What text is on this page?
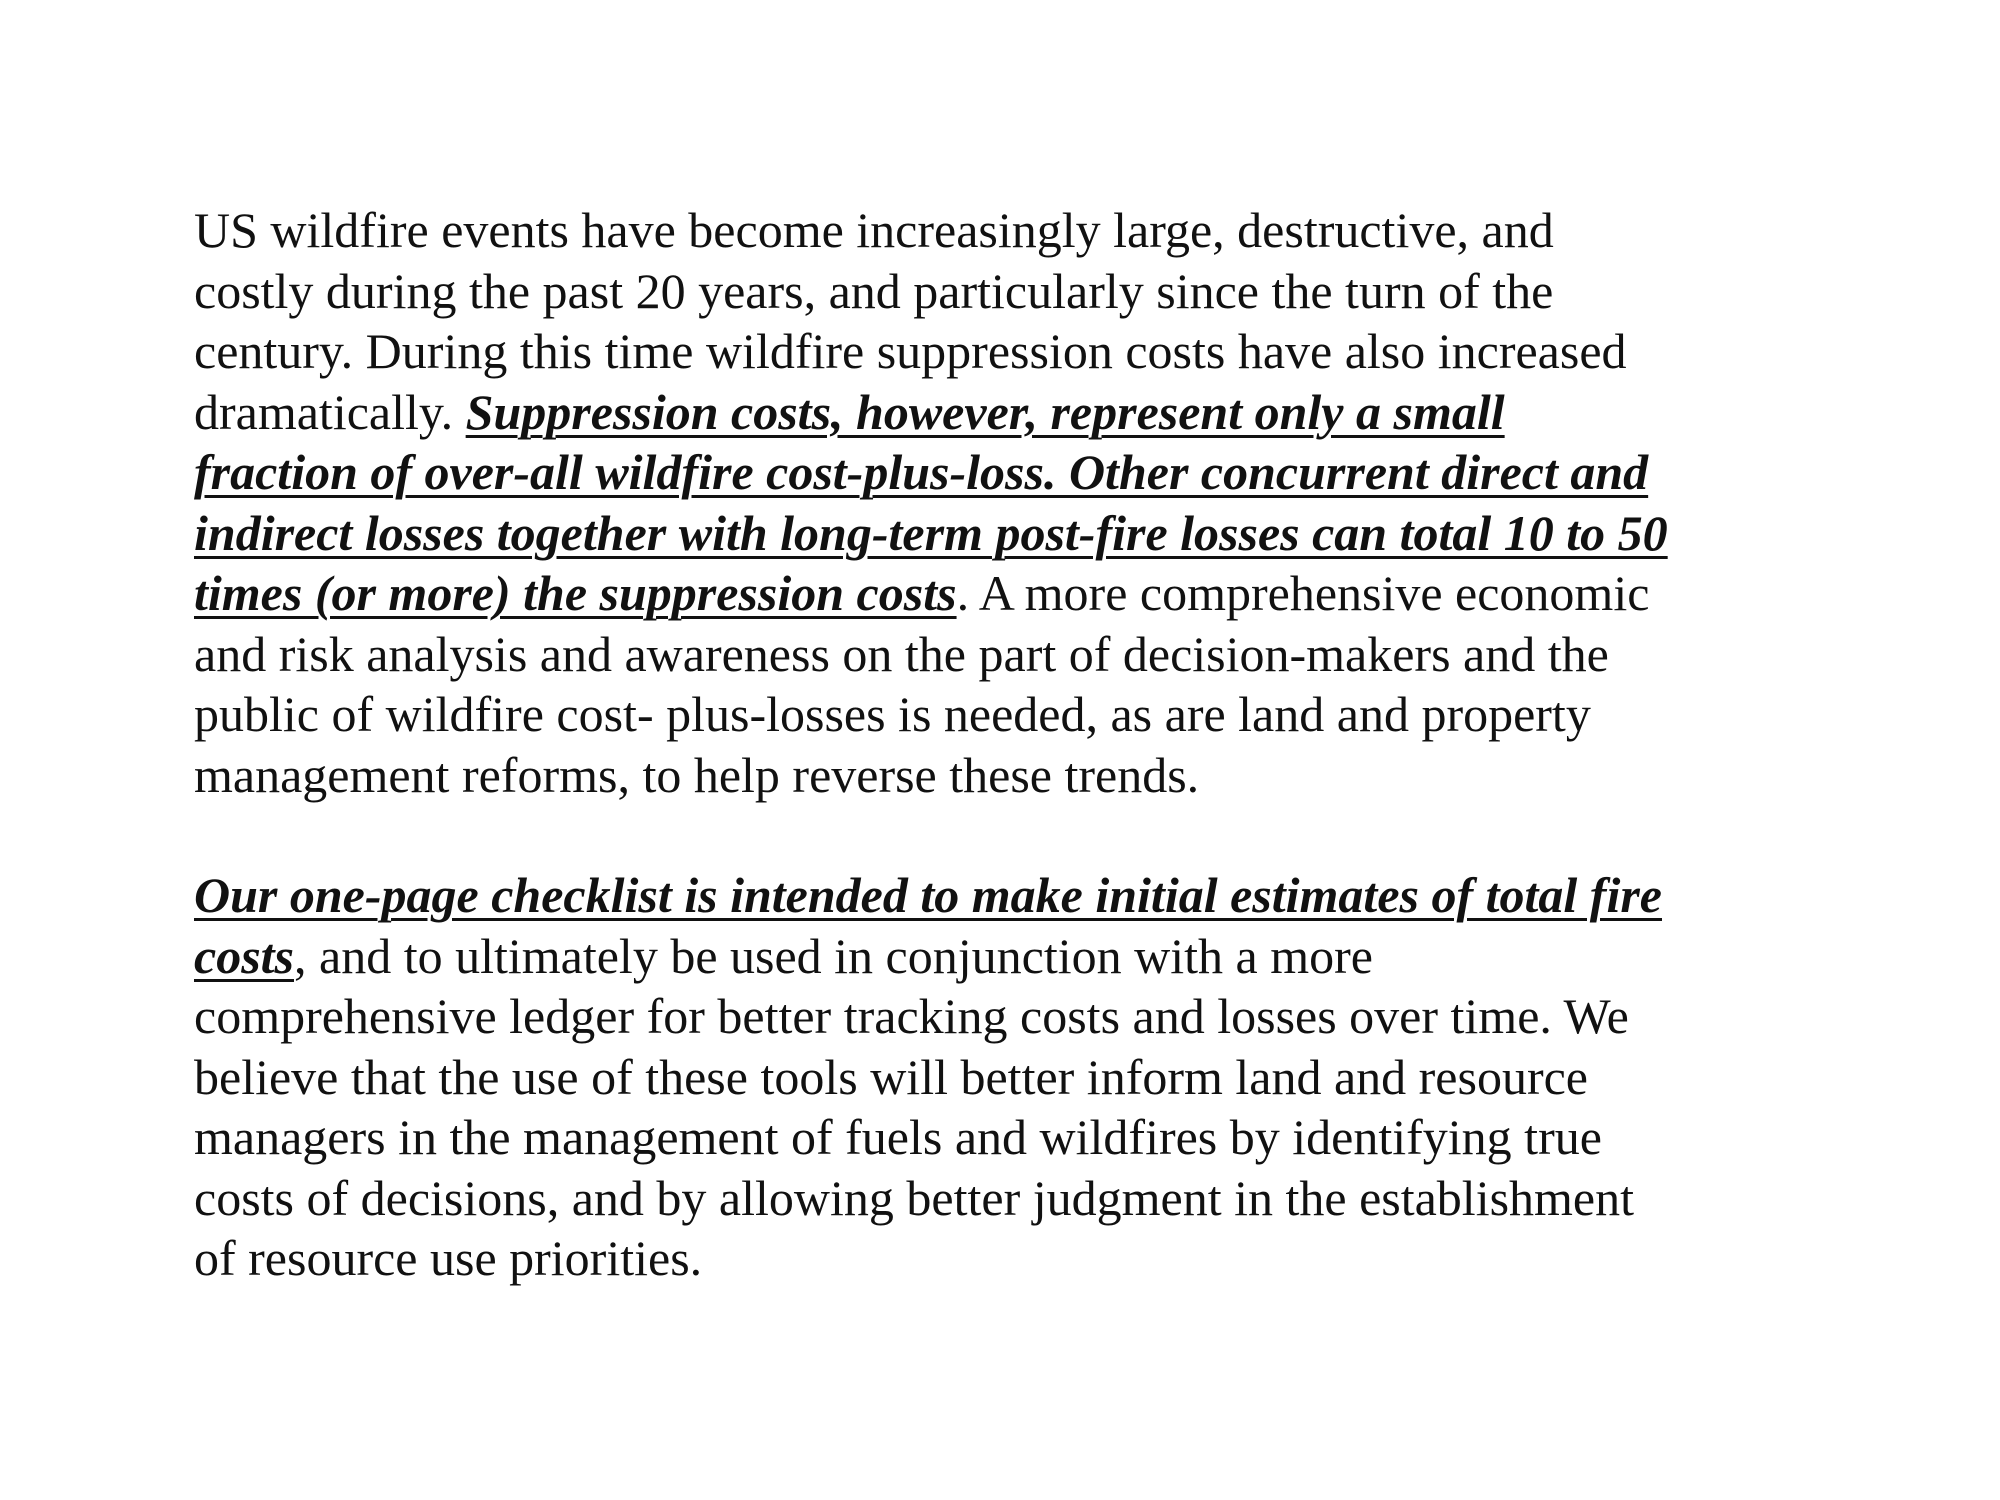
US wildfire events have become increasingly large, destructive, and
costly during the past 20 years, and particularly since the turn of the
century. During this time wildfire suppression costs have also increased
dramatically. Suppression costs, however, represent only a small
fraction of over-all wildfire cost-plus-loss. Other concurrent direct and
indirect losses together with long-term post-fire losses can total 10 to 50
times (or more) the suppression costs. A more comprehensive economic
and risk analysis and awareness on the part of decision-makers and the
public of wildfire cost- plus-losses is needed, as are land and property
management reforms, to help reverse these trends.

Our one-page checklist is intended to make initial estimates of total fire
costs, and to ultimately be used in conjunction with a more
comprehensive ledger for better tracking costs and losses over time. We
believe that the use of these tools will better inform land and resource
managers in the management of fuels and wildfires by identifying true
costs of decisions, and by allowing better judgment in the establishment
of resource use priorities.
